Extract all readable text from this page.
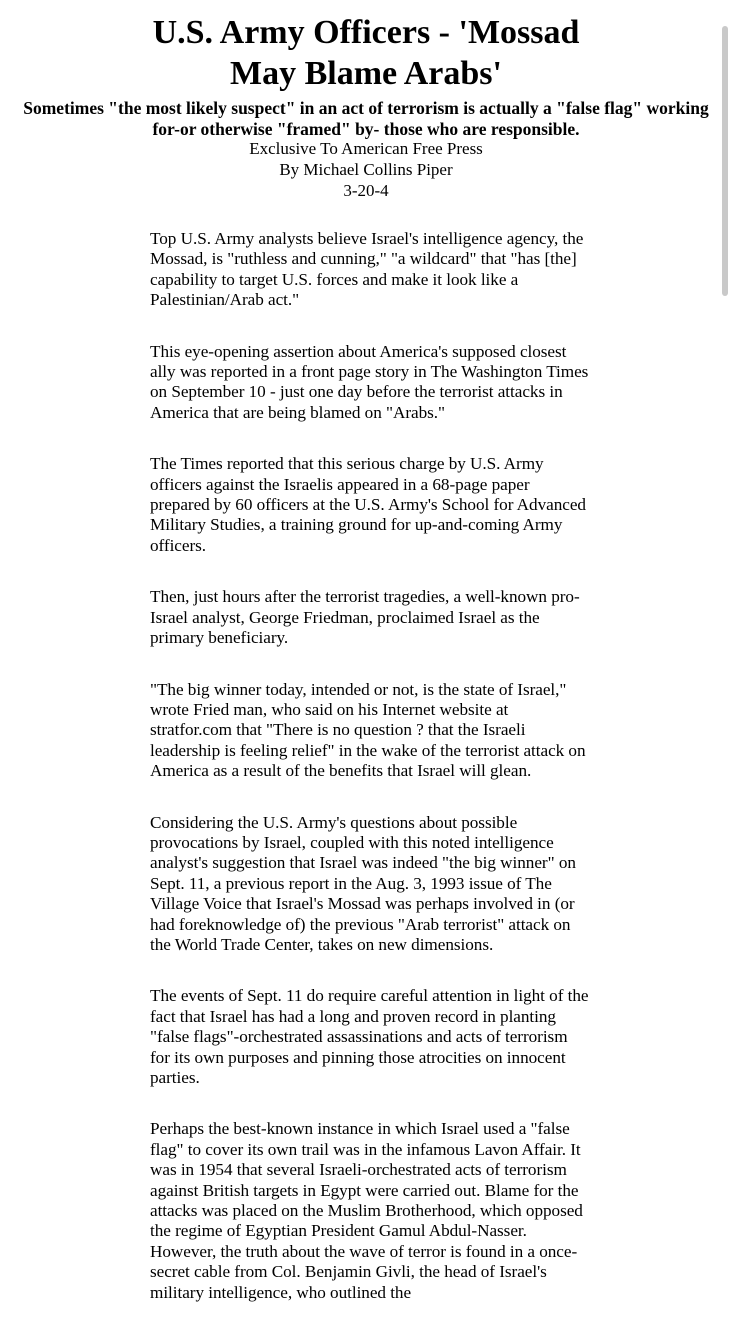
U.S. Army Officers - 'Mossad
May Blame Arabs'

Sometimes "the most likely suspect" in an act of terrorism is actually a "false flag" working for-or otherwise "framed" by- those who are responsible.

Exclusive To American Free Press

By Michael Collins Piper

3-20-4

Top U.S. Army analysts believe Israel's intelligence agency, the Mossad, is "ruthless and cunning," "a wildcard" that "has [the] capability to target U.S. forces and make it look like a Palestinian/Arab act."

This eye-opening assertion about America's supposed closest ally was reported in a front page story in The Washington Times on September 10 - just one day before the terrorist attacks in America that are being blamed on "Arabs."

The Times reported that this serious charge by U.S. Army officers against the Israelis appeared in a 68-page paper prepared by 60 officers at the U.S. Army's School for Advanced Military Studies, a training ground for up-and-coming Army officers.

Then, just hours after the terrorist tragedies, a well-known pro-Israel analyst, George Friedman, proclaimed Israel as the primary beneficiary.

"The big winner today, intended or not, is the state of Israel," wrote Fried man, who said on his Internet website at stratfor.com that "There is no question ? that the Israeli leadership is feeling relief" in the wake of the terrorist attack on America as a result of the benefits that Israel will glean.

Considering the U.S. Army's questions about possible provocations by Israel, coupled with this noted intelligence analyst's suggestion that Israel was indeed "the big winner" on Sept. 11, a previous report in the Aug. 3, 1993 issue of The Village Voice that Israel's Mossad was perhaps involved in (or had foreknowledge of) the previous "Arab terrorist" attack on the World Trade Center, takes on new dimensions.

The events of Sept. 11 do require careful attention in light of the fact that Israel has had a long and proven record in planting "false flags"-orchestrated assassinations and acts of terrorism for its own purposes and pinning those atrocities on innocent parties.

Perhaps the best-known instance in which Israel used a "false flag" to cover its own trail was in the infamous Lavon Affair. It was in 1954 that several Israeli-orchestrated acts of terrorism against British targets in Egypt were carried out. Blame for the attacks was placed on the Muslim Brotherhood, which opposed the regime of Egyptian President Gamul Abdul-Nasser. However, the truth about the wave of terror is found in a once-secret cable from Col. Benjamin Givli, the head of Israel's military intelligence, who outlined the
